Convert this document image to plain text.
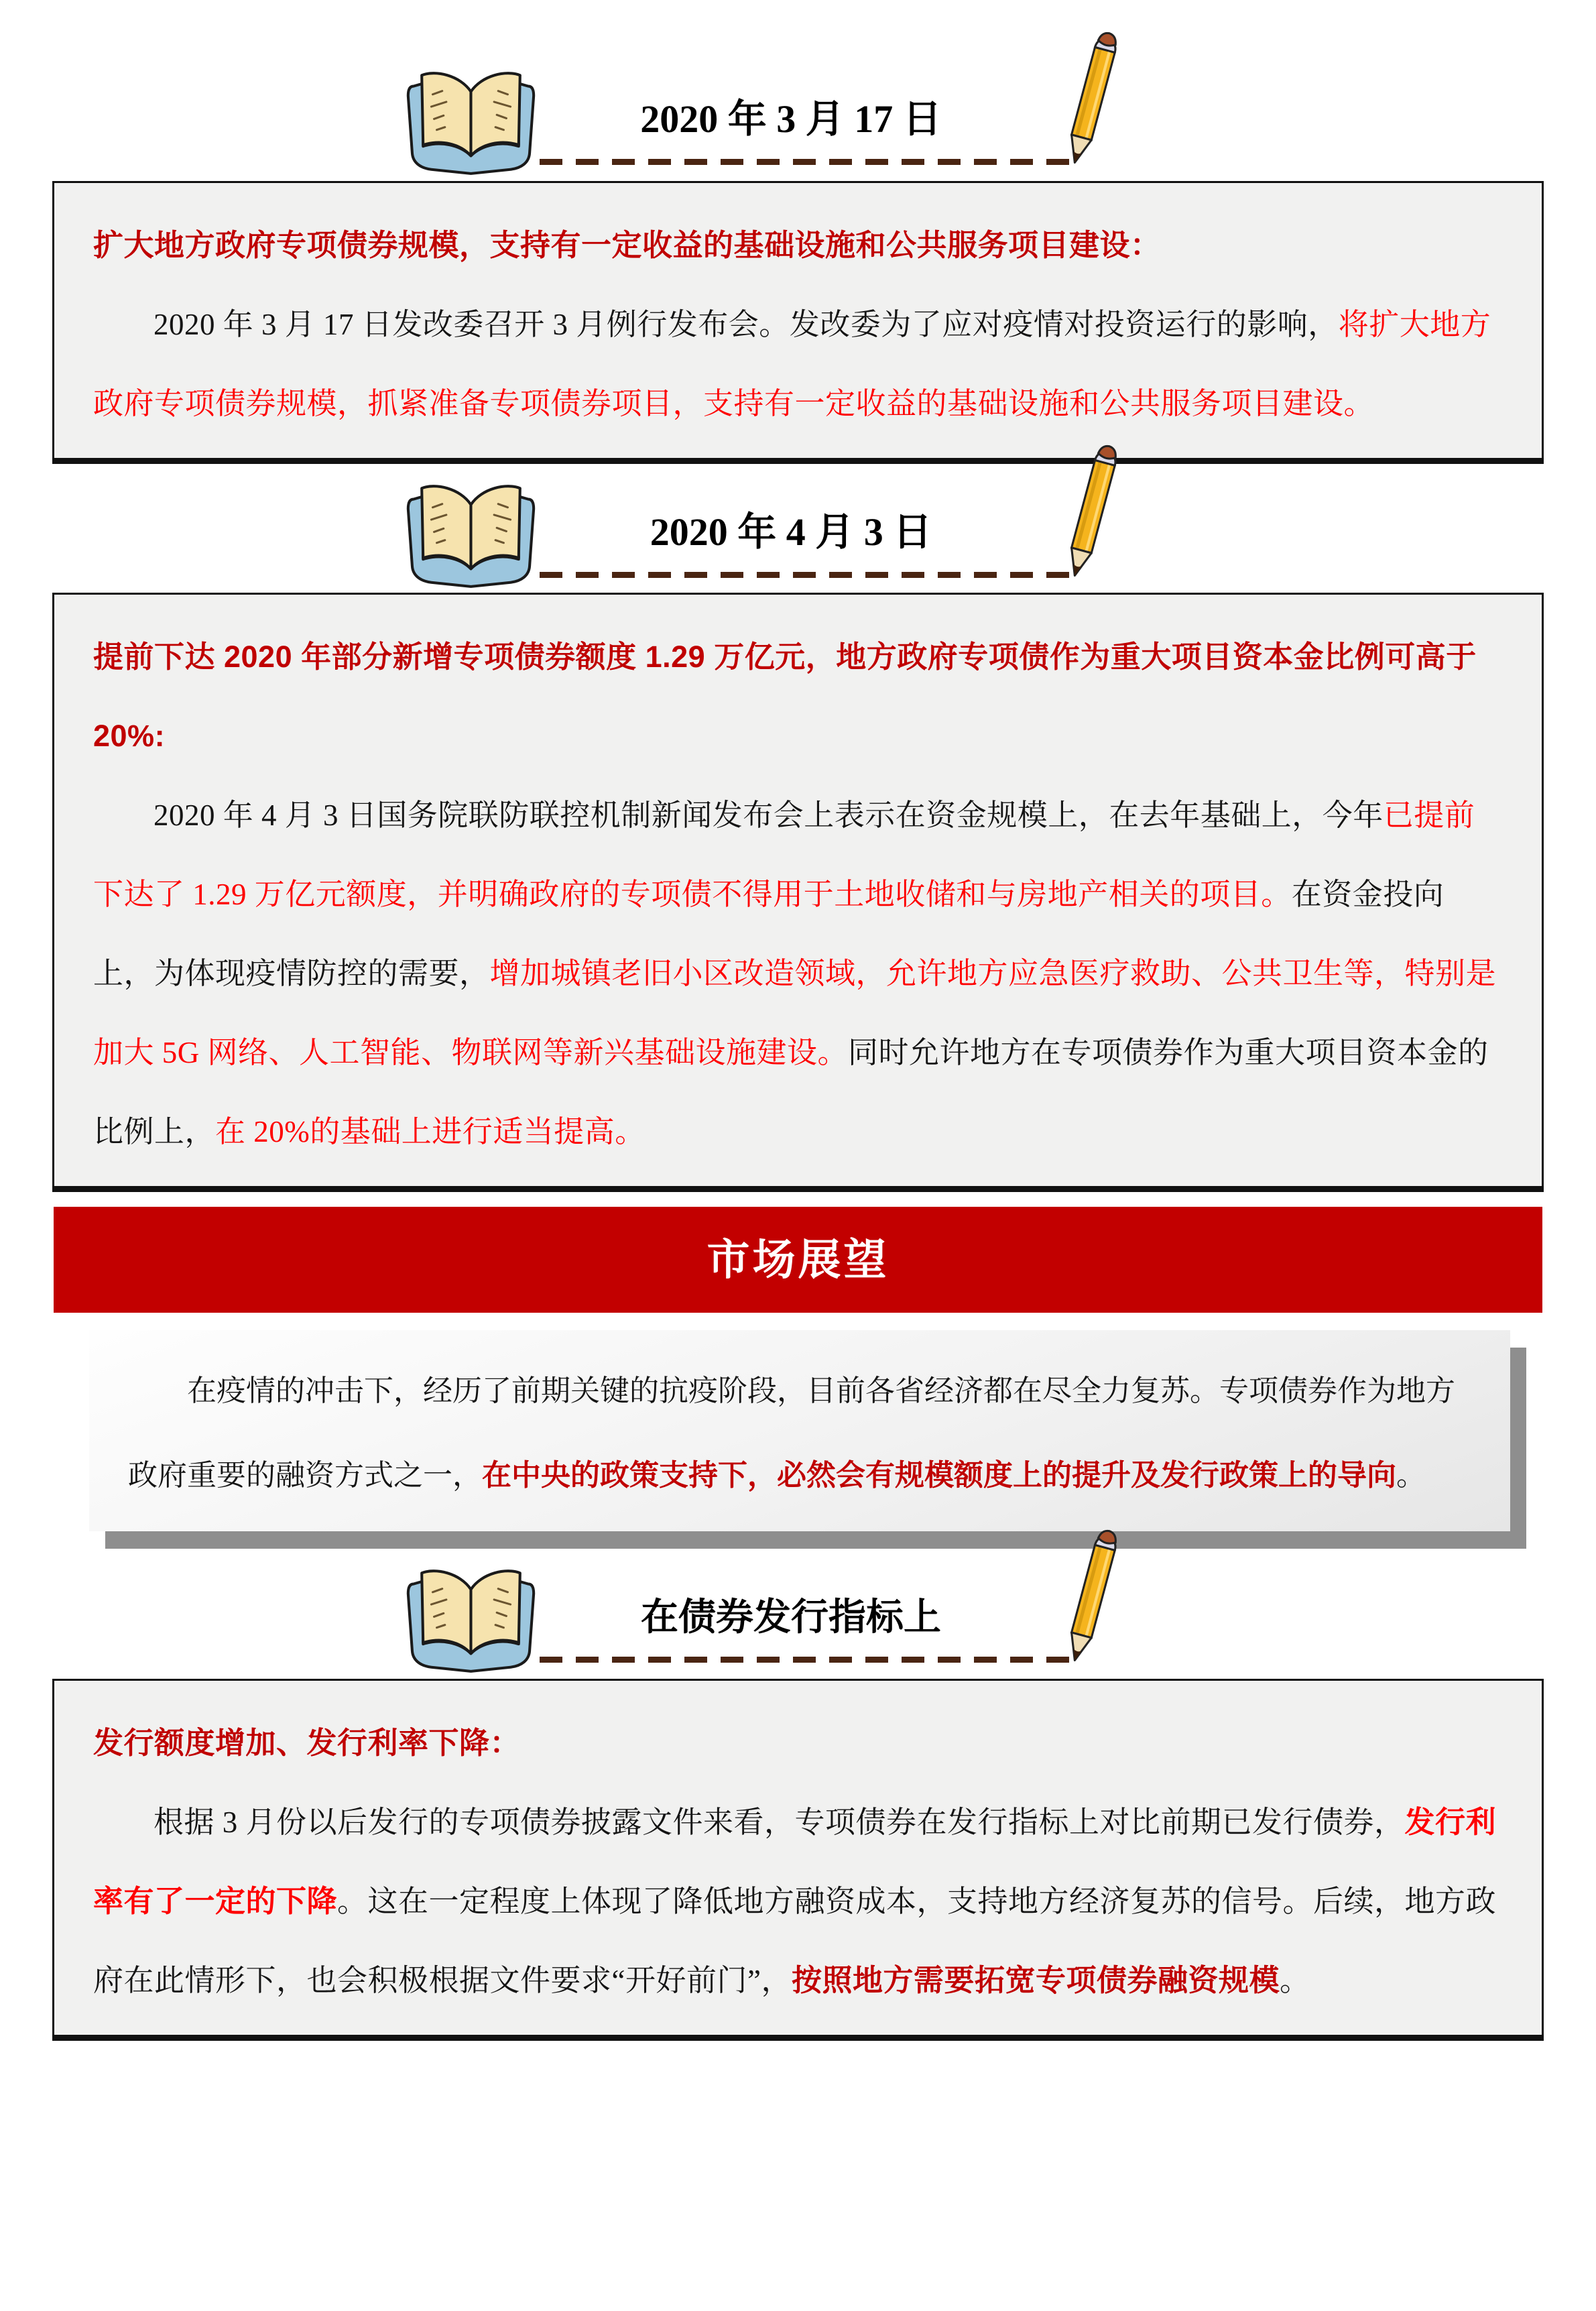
2020 年 3 月 17 日
扩大地方政府专项债券规模，支持有一定收益的基础设施和公共服务项目建设：

2020 年 3 月 17 日发改委召开 3 月例行发布会。发改委为了应对疫情对投资运行的影响，将扩大地方政府专项债券规模，抓紧准备专项债券项目，支持有一定收益的基础设施和公共服务项目建设。

2020 年 4 月 3 日
提前下达 2020 年部分新增专项债券额度 1.29 万亿元，地方政府专项债作为重大项目资本金比例可高于 20%:

2020 年 4 月 3 日国务院联防联控机制新闻发布会上表示在资金规模上，在去年基础上，今年已提前下达了 1.29 万亿元额度，并明确政府的专项债不得用于土地收储和与房地产相关的项目。在资金投向上，为体现疫情防控的需要，增加城镇老旧小区改造领域，允许地方应急医疗救助、公共卫生等，特别是加大 5G 网络、人工智能、物联网等新兴基础设施建设。同时允许地方在专项债券作为重大项目资本金的比例上，在 20%的基础上进行适当提高。

市场展望

在疫情的冲击下，经历了前期关键的抗疫阶段，目前各省经济都在尽全力复苏。专项债券作为地方政府重要的融资方式之一，在中央的政策支持下，必然会有规模额度上的提升及发行政策上的导向。

在债券发行指标上
发行额度增加、发行利率下降：

根据 3 月份以后发行的专项债券披露文件来看，专项债券在发行指标上对比前期已发行债券，发行利率有了一定的下降。这在一定程度上体现了降低地方融资成本，支持地方经济复苏的信号。后续，地方政府在此情形下，也会积极根据文件要求“开好前门”，按照地方需要拓宽专项债券融资规模。
